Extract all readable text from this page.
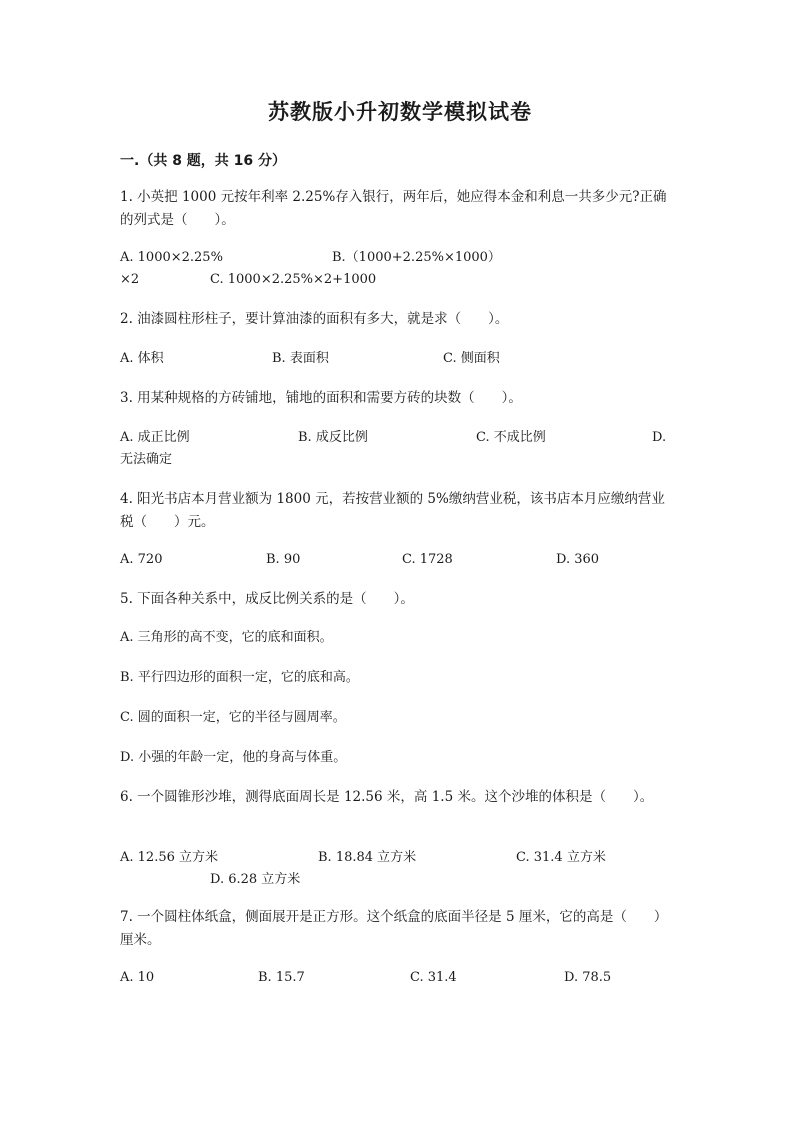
苏教版小升初数学模拟试卷
一.（共 8 题，共 16 分）
1. 小英把 1000 元按年利率 2.25%存入银行，两年后，她应得本金和利息一共多少元?正确的列式是（　　）。
A. 1000×2.25%	B.（1000+2.25%×1000）
×2	C. 1000×2.25%×2+1000
2. 油漆圆柱形柱子，要计算油漆的面积有多大，就是求（　　）。
A. 体积	B. 表面积	C. 侧面积
3. 用某种规格的方砖铺地，铺地的面积和需要方砖的块数（　　）。
A. 成正比例	B. 成反比例	C. 不成比例	D.
无法确定
4. 阳光书店本月营业额为 1800 元，若按营业额的 5%缴纳营业税，该书店本月应缴纳营业税（　　）元。
A. 720	B. 90	C. 1728	D. 360
5. 下面各种关系中，成反比例关系的是（　　）。
A. 三角形的高不变，它的底和面积。
B. 平行四边形的面积一定，它的底和高。
C. 圆的面积一定，它的半径与圆周率。
D. 小强的年龄一定，他的身高与体重。
6. 一个圆锥形沙堆，测得底面周长是 12.56 米，高 1.5 米。这个沙堆的体积是（　　）。
A. 12.56 立方米	B. 18.84 立方米	C. 31.4 立方米
D. 6.28 立方米
7. 一个圆柱体纸盒，侧面展开是正方形。这个纸盒的底面半径是 5 厘米，它的高是（　　）厘米。
A. 10	B. 15.7	C. 31.4	D. 78.5
